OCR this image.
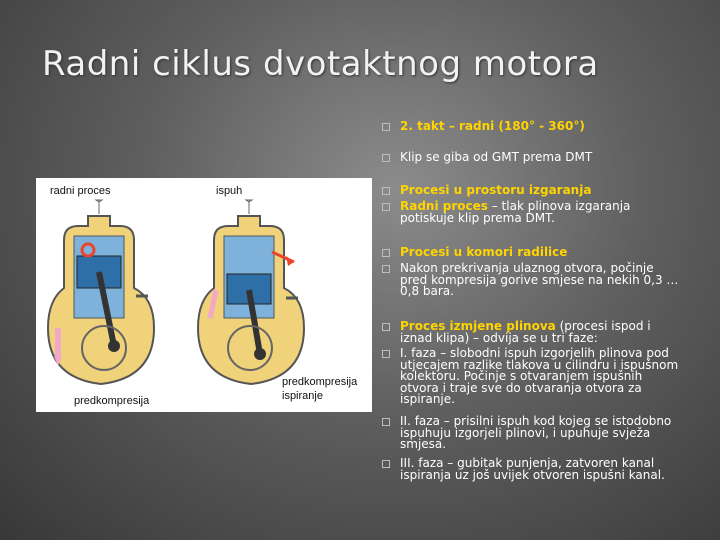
Radni ciklus dvotaktnog motora
2. takt – radni (180° - 360°)
Klip se giba od GMT prema DMT
Procesi u prostoru izgaranja
Radni proces – tlak plinova izgaranja potiskuje klip prema DMT.
Procesi u komori radilice
Nakon prekrivanja ulaznog otvora, počinje pred kompresija gorive smjese na nekih 0,3 … 0,8 bara.
Proces izmjene plinova (procesi ispod i iznad klipa) – odvija se u tri faze:
I. faza – slobodni ispuh izgorjelih plinova pod utjecajem razlike tlakova u cilindru i ispušnom kolektoru. Počinje s otvaranjem ispušnih otvora i traje sve do otvaranja otvora za ispiranje.
II. faza – prisilni ispuh kod kojeg se istodobno ispuhuju izgorjeli plinovi, i upuhuje svježa smjesa.
III. faza – gubitak punjenja, zatvoren kanal ispiranja uz još uvijek otvoren ispušni kanal.
radni proces	ispuh
predkompresija
predkompresija
ispiranje
